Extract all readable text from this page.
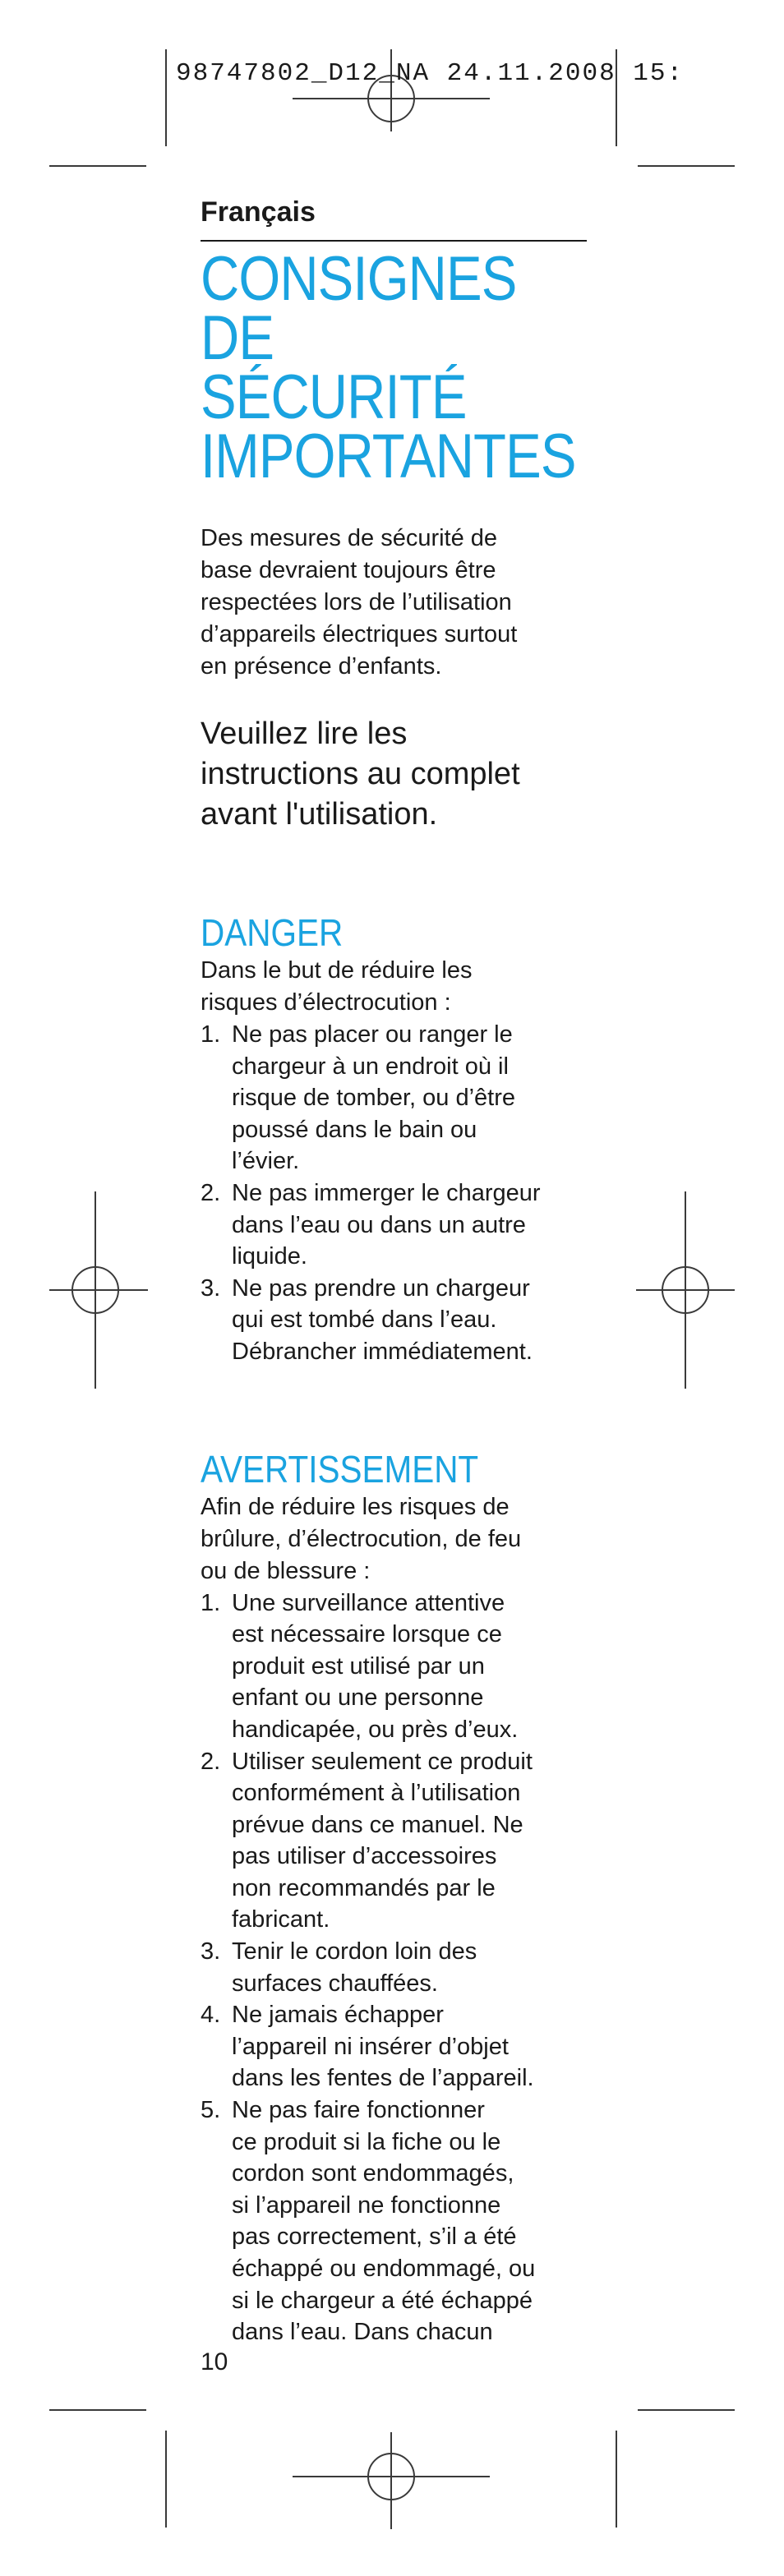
98747802_D12_NA 24.11.2008 15:
Français
CONSIGNES DE
SÉCURITÉ
IMPORTANTES
Des mesures de sécurité de
base devraient toujours être
respectées lors de l’utilisation
d’appareils électriques surtout
en présence d’enfants.
Veuillez lire les
instructions au complet
avant l'utilisation.
DANGER
Dans le but de réduire les
risques d’électrocution :
1. Ne pas placer ou ranger le
chargeur à un endroit où il
risque de tomber, ou d’être
poussé dans le bain ou
l’évier.
2. Ne pas immerger le chargeur
dans l’eau ou dans un autre
liquide.
3. Ne pas prendre un chargeur
qui est tombé dans l’eau.
Débrancher immédiatement.
AVERTISSEMENT
Afin de réduire les risques de
brûlure, d’électrocution, de feu
ou de blessure :
1. Une surveillance attentive
est nécessaire lorsque ce
produit est utilisé par un
enfant ou une personne
handicapée, ou près d’eux.
2. Utiliser seulement ce produit
conformément à l’utilisation
prévue dans ce manuel. Ne
pas utiliser d’accessoires
non recommandés par le
fabricant.
3. Tenir le cordon loin des
surfaces chauffées.
4. Ne jamais échapper
l’appareil ni insérer d’objet
dans les fentes de l’appareil.
5. Ne pas faire fonctionner
ce produit si la fiche ou le
cordon sont endommagés,
si l’appareil ne fonctionne
pas correctement, s’il a été
échappé ou endommagé, ou
si le chargeur a été échappé
dans l’eau. Dans chacun
10
